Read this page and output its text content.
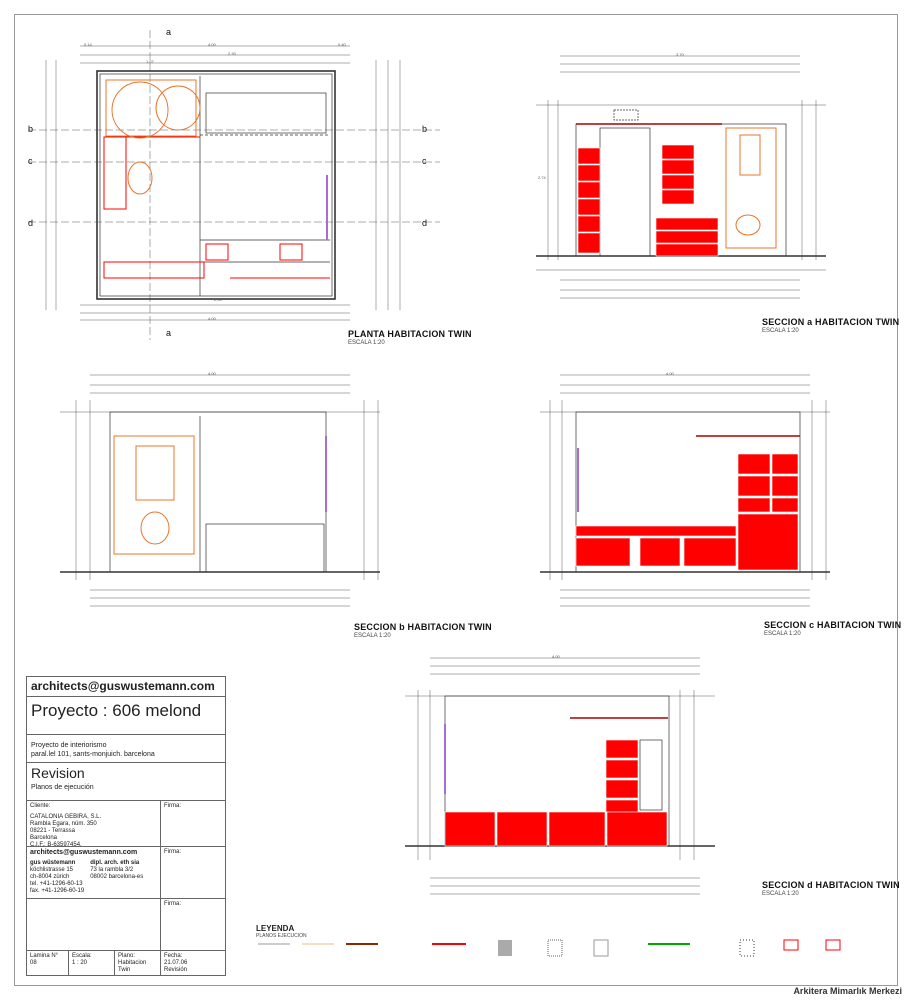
4.00
2.33
1.67
0.14	0.40
4.00
2.90
3.70
2.74
4.00
4.00
4.00
a
a
b	b
c	c
d	d
PLANTA HABITACION TWIN
ESCALA 1:20
SECCION a HABITACION TWIN
ESCALA 1:20
SECCION b HABITACION TWIN
ESCALA 1:20
SECCION c HABITACION TWIN
ESCALA 1:20
SECCION d HABITACION TWIN
ESCALA 1:20
architects@guswustemann.com
Proyecto : 606 melond
Proyecto de interiorismo
paral.lel 101, sants-monjuich. barcelona
Revision
Planos de ejecución
Cliente:
CATALONIA GEBIRA, S.L.
Rambla Egara, núm. 350
08221 - Terrassa
Barcelona
C.I.F.: B-63597454.
Firma:
architects@guswustemann.com
gus wüstemann
köchlistrasse 15
ch-8004 zürich
tel. +41-1296-60-13
fax. +41-1296-60-19
dipl. arch. eth sia
73 la rambla 3/2
08002 barcelona-es
Firma:
Firma:
Lamina N°
08
Escala:
1 : 20
Plano:
Habitacion Twin
Fecha:
21.07.06
Revisión
LEYENDA
PLANOS EJECUCION
Arkitera Mimarlık Merkezi
